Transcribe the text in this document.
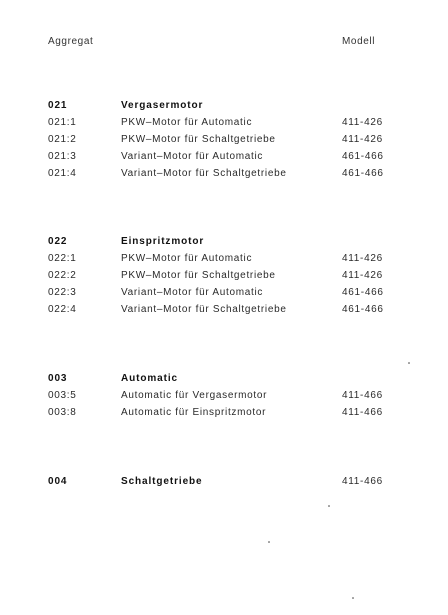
Aggregat	Modell
021	Vergasermotor
021:1	PKW–Motor für Automatic	411-426
021:2	PKW–Motor für Schaltgetriebe	411-426
021:3	Variant–Motor für Automatic	461-466
021:4	Variant–Motor für Schaltgetriebe	461-466
022	Einspritzmotor
022:1	PKW–Motor für Automatic	411-426
022:2	PKW–Motor für Schaltgetriebe	411-426
022:3	Variant–Motor für Automatic	461-466
022:4	Variant–Motor für Schaltgetriebe	461-466
003	Automatic
003:5	Automatic für Vergasermotor	411-466
003:8	Automatic für Einspritzmotor	411-466
004	Schaltgetriebe	411-466
